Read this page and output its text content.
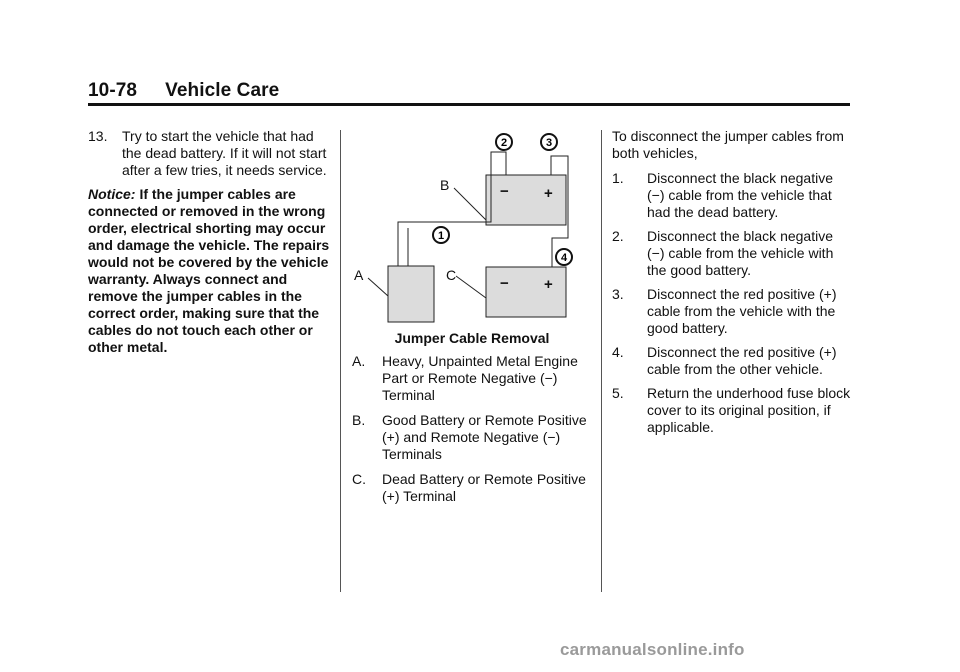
10-78 Vehicle Care
13. Try to start the vehicle that had the dead battery. If it will not start after a few tries, it needs service.
Notice: If the jumper cables are connected or removed in the wrong order, electrical shorting may occur and damage the vehicle. The repairs would not be covered by the vehicle warranty. Always connect and remove the jumper cables in the correct order, making sure that the cables do not touch each other or other metal.
− +
− +
B
C
A
1
2	3
4
Jumper Cable Removal
A. Heavy, Unpainted Metal Engine Part or Remote Negative (−) Terminal
B. Good Battery or Remote Positive (+) and Remote Negative (−) Terminals
C. Dead Battery or Remote Positive (+) Terminal
To disconnect the jumper cables from both vehicles,
1. Disconnect the black negative (−) cable from the vehicle that had the dead battery.
2. Disconnect the black negative (−) cable from the vehicle with the good battery.
3. Disconnect the red positive (+) cable from the vehicle with the good battery.
4. Disconnect the red positive (+) cable from the other vehicle.
5. Return the underhood fuse block cover to its original position, if applicable.
carmanualsonline.info
